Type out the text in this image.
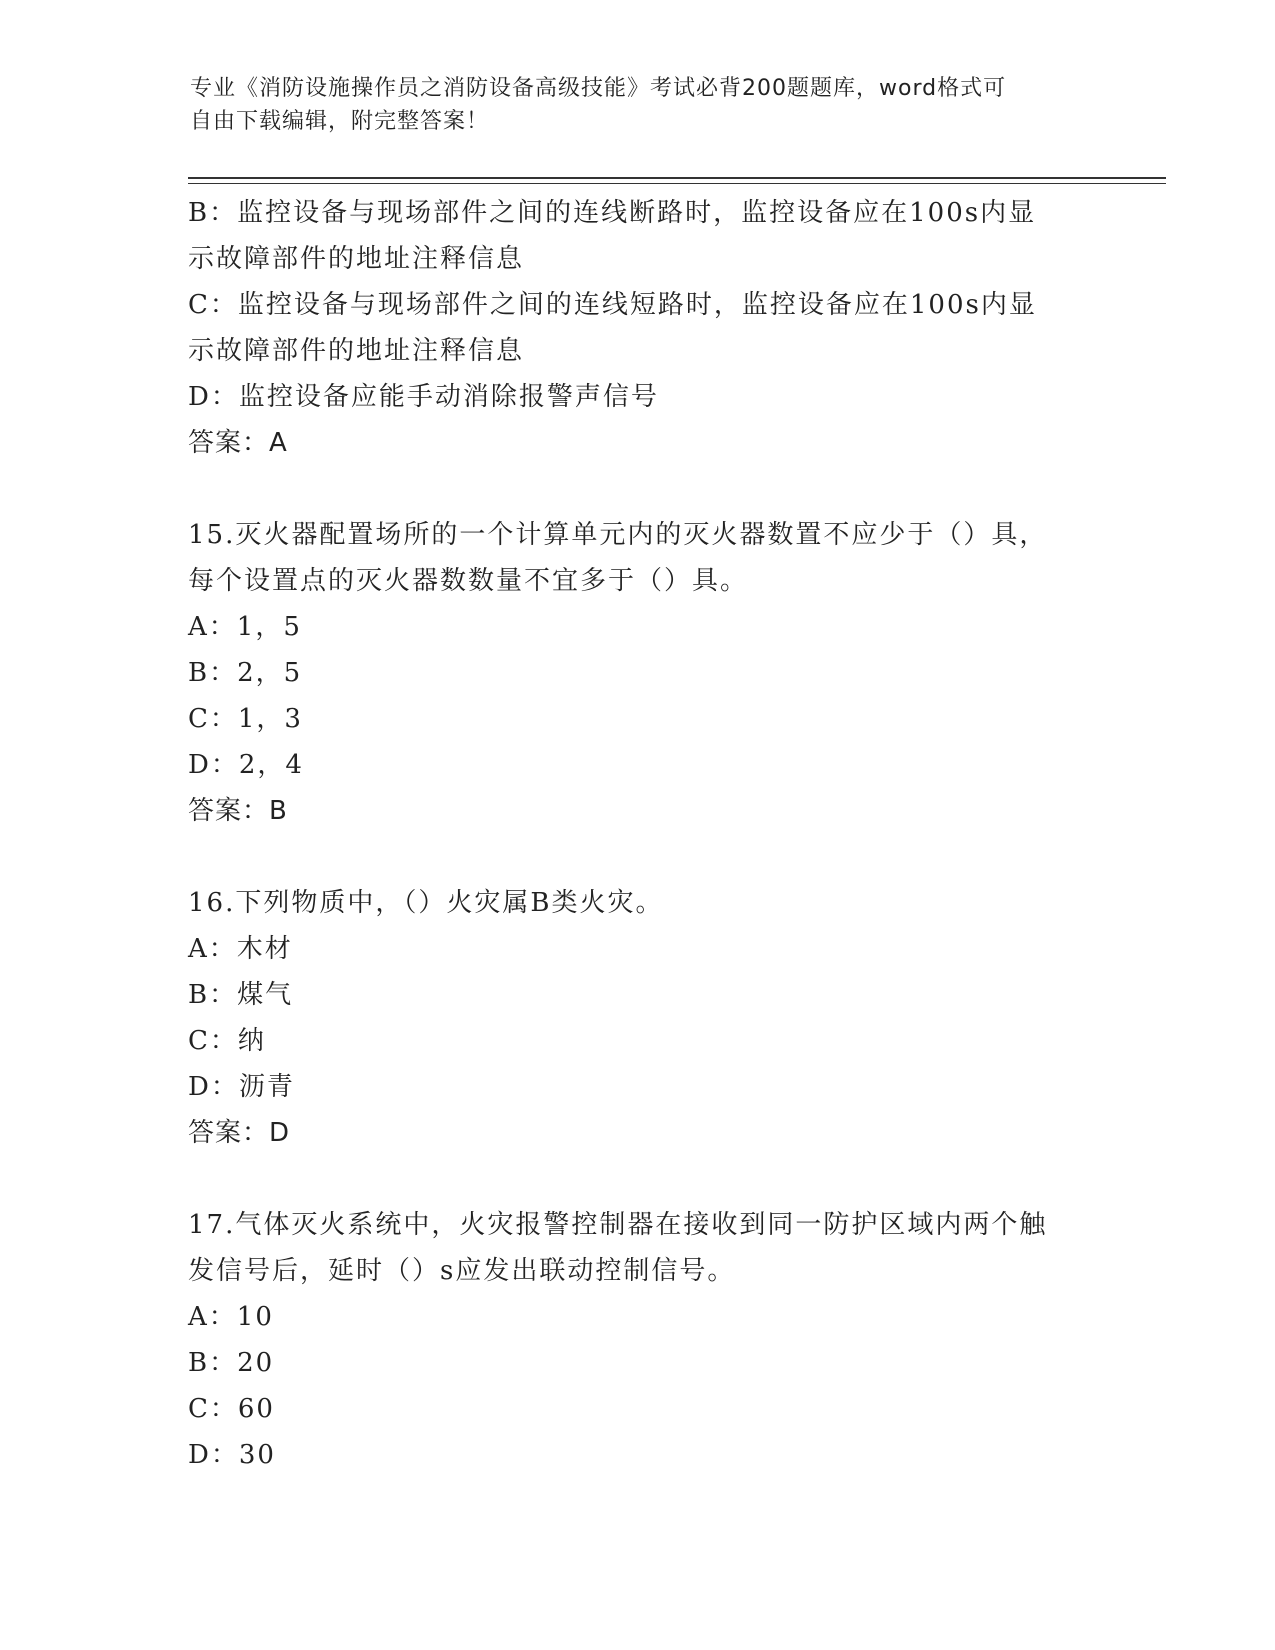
专业《消防设施操作员之消防设备高级技能》考试必背200题题库，word格式可
自由下载编辑，附完整答案！
B：监控设备与现场部件之间的连线断路时，监控设备应在100s内显
示故障部件的地址注释信息
C：监控设备与现场部件之间的连线短路时，监控设备应在100s内显
示故障部件的地址注释信息
D：监控设备应能手动消除报警声信号
答案：A
15.灭火器配置场所的一个计算单元内的灭火器数置不应少于（）具，
每个设置点的灭火器数数量不宜多于（）具。
A：1，5
B：2，5
C：1，3
D：2，4
答案：B
16.下列物质中，（）火灾属B类火灾。
A：木材
B：煤气
C：纳
D：沥青
答案：D
17.气体灭火系统中，火灾报警控制器在接收到同一防护区域内两个触
发信号后，延时（）s应发出联动控制信号。
A：10
B：20
C：60
D：30
